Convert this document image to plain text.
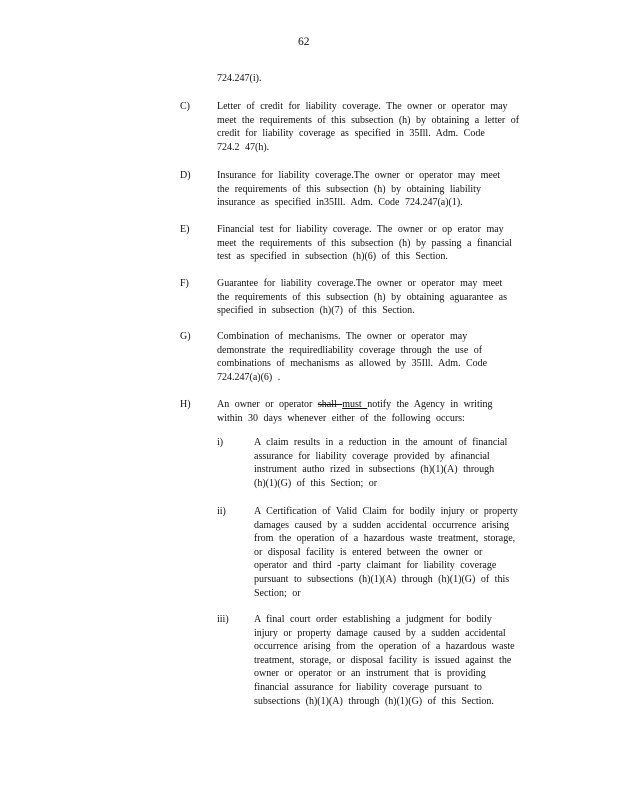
62
724.247(i).
C)	Letter of credit for liability coverage. The owner or operator may
meet the requirements of this subsection (h) by obtaining a letter of
credit for liability coverage as specified in 35Ill. Adm. Code
724.2 47(h).
D)	Insurance for liability coverage.The owner or operator may meet
the requirements of this subsection (h) by obtaining liability
insurance as specified in35Ill. Adm. Code 724.247(a)(1).
E)	Financial test for liability coverage. The owner or op erator may
meet the requirements of this subsection (h) by passing a financial
test as specified in subsection (h)(6) of this Section.
F)	Guarantee for liability coverage.The owner or operator may meet
the requirements of this subsection (h) by obtaining aguarantee as
specified in subsection (h)(7) of this Section.
G)	Combination of mechanisms. The owner or operator may
demonstrate the requiredliability coverage through the use of
combinations of mechanisms as allowed by 35Ill. Adm. Code
724.247(a)(6) .
H)	An owner or operator shall must notify the Agency in writing
within 30 days whenever either of the following occurs:
i)	A claim results in a reduction in the amount of financial
assurance for liability coverage provided by afinancial
instrument autho rized in subsections (h)(1)(A) through
(h)(1)(G) of this Section; or
ii)	A Certification of Valid Claim for bodily injury or property
damages caused by a sudden accidental occurrence arising
from the operation of a hazardous waste treatment, storage,
or disposal facility is entered between the owner or
operator and third -party claimant for liability coverage
pursuant to subsections (h)(1)(A) through (h)(1)(G) of this
Section; or
iii)	A final court order establishing a judgment for bodily
injury or property damage caused by a sudden accidental
occurrence arising from the operation of a hazardous waste
treatment, storage, or disposal facility is issued against the
owner or operator or an instrument that is providing
financial assurance for liability coverage pursuant to
subsections (h)(1)(A) through (h)(1)(G) of this Section.
